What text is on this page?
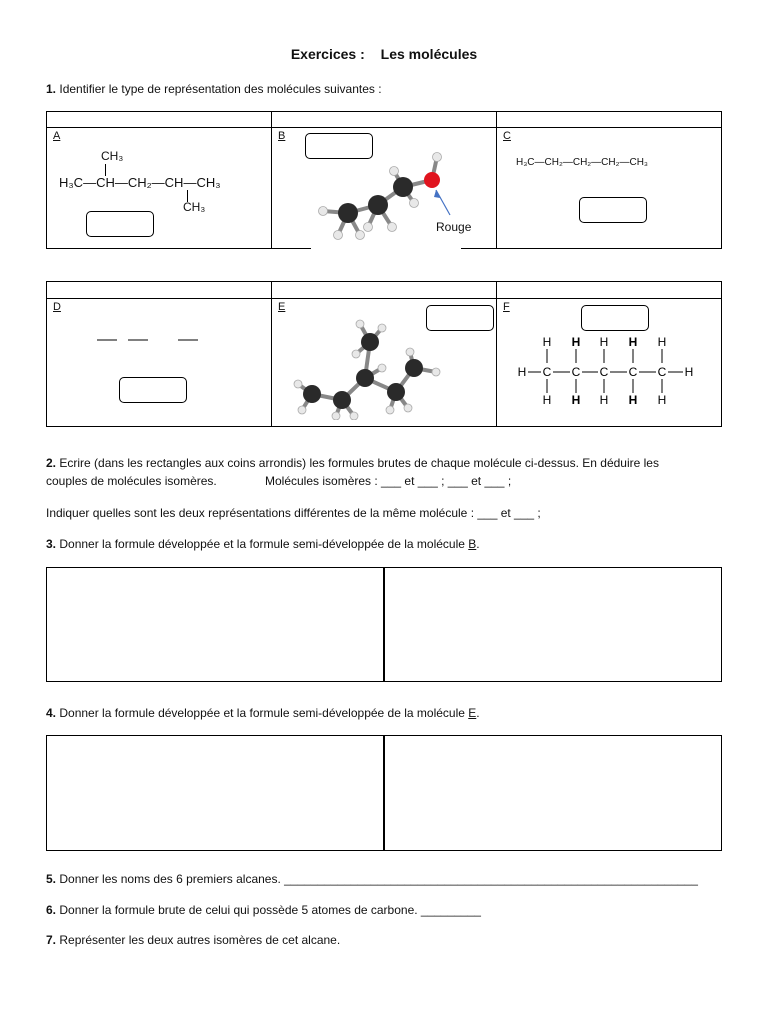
Exercices : Les molécules
1. Identifier le type de représentation des molécules suivantes :
A
CH₃
H₃C—CH—CH₂—CH—CH₃
CH₃
B
Rouge
C
H₃C—CH₂—CH₂—CH₂—CH₃
D	E	F
H H H H H
H C C C C C H
H H H H H
2. Ecrire (dans les rectangles aux coins arrondis) les formules brutes de chaque molécule ci-dessus. En déduire les
couples de molécules isomères.	Molécules isomères : ___ et ___ ; ___ et ___ ;
Indiquer quelles sont les deux représentations différentes de la même molécule : ___ et ___ ;
3. Donner la formule développée et la formule semi-développée de la molécule B.
4. Donner la formule développée et la formule semi-développée de la molécule E.
5. Donner les noms des 6 premiers alcanes. ______________________________________________________________
6. Donner la formule brute de celui qui possède 5 atomes de carbone. _________
7. Représenter les deux autres isomères de cet alcane.
